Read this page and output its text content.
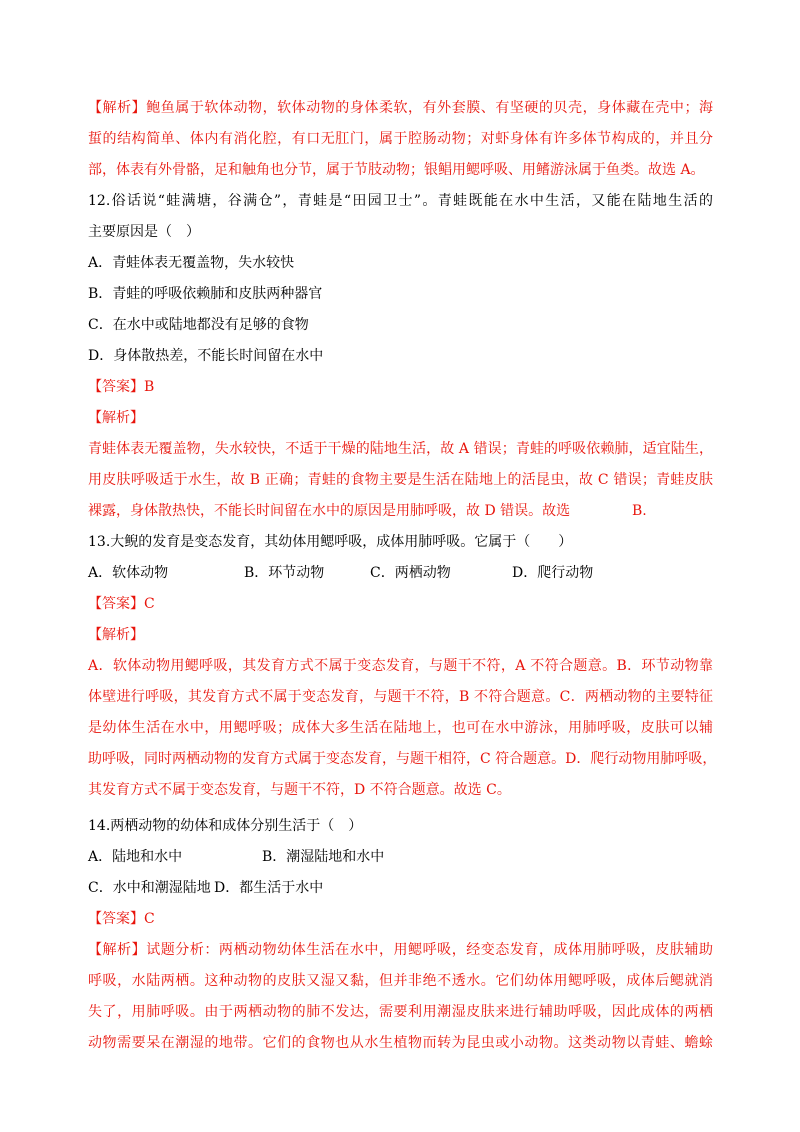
【解析】鲍鱼属于软体动物，软体动物的身体柔软，有外套膜、有坚硬的贝壳，身体藏在壳中；海
蜇的结构简单、体内有消化腔，有口无肛门，属于腔肠动物；对虾身体有许多体节构成的，并且分
部，体表有外骨骼，足和触角也分节，属于节肢动物；银鲳用鳃呼吸、用鳍游泳属于鱼类。故选 A。
12.俗话说“蛙满塘，谷满仓”，青蛙是“田园卫士”。青蛙既能在水中生活，又能在陆地生活的
主要原因是（　）
A．青蛙体表无覆盖物，失水较快
B．青蛙的呼吸依赖肺和皮肤两种器官
C．在水中或陆地都没有足够的食物
D．身体散热差，不能长时间留在水中
【答案】B
【解析】
青蛙体表无覆盖物，失水较快，不适于干燥的陆地生活，故 A 错误；青蛙的呼吸依赖肺，适宜陆生，
用皮肤呼吸适于水生，故 B 正确；青蛙的食物主要是生活在陆地上的活昆虫，故 C 错误；青蛙皮肤
裸露，身体散热快，不能长时间留在水中的原因是用肺呼吸，故 D 错误。故选	B.
13.大鲵的发育是变态发育，其幼体用鳃呼吸，成体用肺呼吸。它属于（　　）
A．软体动物	B．环节动物	C．两栖动物	D．爬行动物
【答案】C
【解析】
A．软体动物用鳃呼吸，其发育方式不属于变态发育，与题干不符，A 不符合题意。B．环节动物靠
体壁进行呼吸，其发育方式不属于变态发育，与题干不符，B 不符合题意。C．两栖动物的主要特征
是幼体生活在水中，用鳃呼吸；成体大多生活在陆地上，也可在水中游泳，用肺呼吸，皮肤可以辅
助呼吸，同时两栖动物的发育方式属于变态发育，与题干相符，C 符合题意。D．爬行动物用肺呼吸，
其发育方式不属于变态发育，与题干不符，D 不符合题意。故选 C。
14.两栖动物的幼体和成体分别生活于（　）
A．陆地和水中	B．潮湿陆地和水中
C．水中和潮湿陆地 D．都生活于水中
【答案】C
【解析】试题分析：两栖动物幼体生活在水中，用鳃呼吸，经变态发育，成体用肺呼吸，皮肤辅助
呼吸，水陆两栖。这种动物的皮肤又湿又黏，但并非绝不透水。它们幼体用鳃呼吸，成体后鳃就消
失了，用肺呼吸。由于两栖动物的肺不发达，需要利用潮湿皮肤来进行辅助呼吸，因此成体的两栖
动物需要呆在潮湿的地带。它们的食物也从水生植物而转为昆虫或小动物。这类动物以青蛙、蟾蜍
